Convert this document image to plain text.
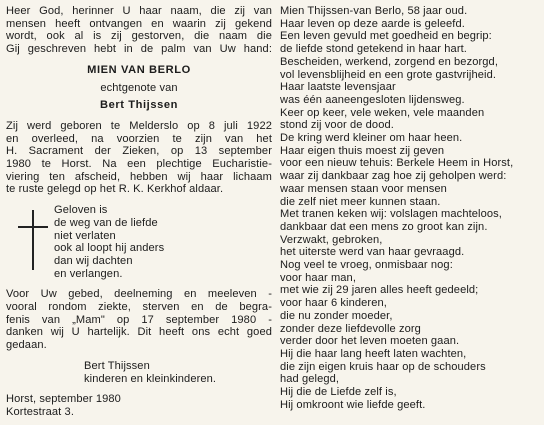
Heer God, herinner U haar naam, die zij van
mensen heeft ontvangen en waarin zij gekend
wordt, ook al is zij gestorven, die naam die
Gij geschreven hebt in de palm van Uw hand:
MIEN VAN BERLO
echtgenote van
Bert Thijssen
Zij werd geboren te Melderslo op 8 juli 1922
en overleed, na voorzien te zijn van het
H. Sacrament der Zieken, op 13 september
1980 te Horst. Na een plechtige Eucharistie-
viering ten afscheid, hebben wij haar lichaam
te ruste gelegd op het R. K. Kerkhof aldaar.
Geloven is
de weg van de liefde
niet verlaten
ook al loopt hij anders
dan wij dachten
en verlangen.
Voor Uw gebed, deelneming en meeleven -
vooral rondom ziekte, sterven en de begra-
fenis van „Mam" op 17 september 1980 -
danken wij U hartelijk. Dit heeft ons echt goed
gedaan.
Bert Thijssen
kinderen en kleinkinderen.
Horst, september 1980
Kortestraat 3.
Mien Thijssen-van Berlo, 58 jaar oud.
Haar leven op deze aarde is geleefd.
Een leven gevuld met goedheid en begrip:
de liefde stond getekend in haar hart.
Bescheiden, werkend, zorgend en bezorgd,
vol levensblijheid en een grote gastvrijheid.
Haar laatste levensjaar
was één aaneengesloten lijdensweg.
Keer op keer, vele weken, vele maanden
stond zij voor de dood.
De kring werd kleiner om haar heen.
Haar eigen thuis moest zij geven
voor een nieuw tehuis: Berkele Heem in Horst,
waar zij dankbaar zag hoe zij geholpen werd:
waar mensen staan voor mensen
die zelf niet meer kunnen staan.
Met tranen keken wij: volslagen machteloos,
dankbaar dat een mens zo groot kan zijn.
Verzwakt, gebroken,
het uiterste werd van haar gevraagd.
Nog veel te vroeg, onmisbaar nog:
voor haar man,
met wie zij 29 jaren alles heeft gedeeld;
voor haar 6 kinderen,
die nu zonder moeder,
zonder deze liefdevolle zorg
verder door het leven moeten gaan.
Hij die haar lang heeft laten wachten,
die zijn eigen kruis haar op de schouders
had gelegd,
Hij die de Liefde zelf is,
Hij omkroont wie liefde geeft.
